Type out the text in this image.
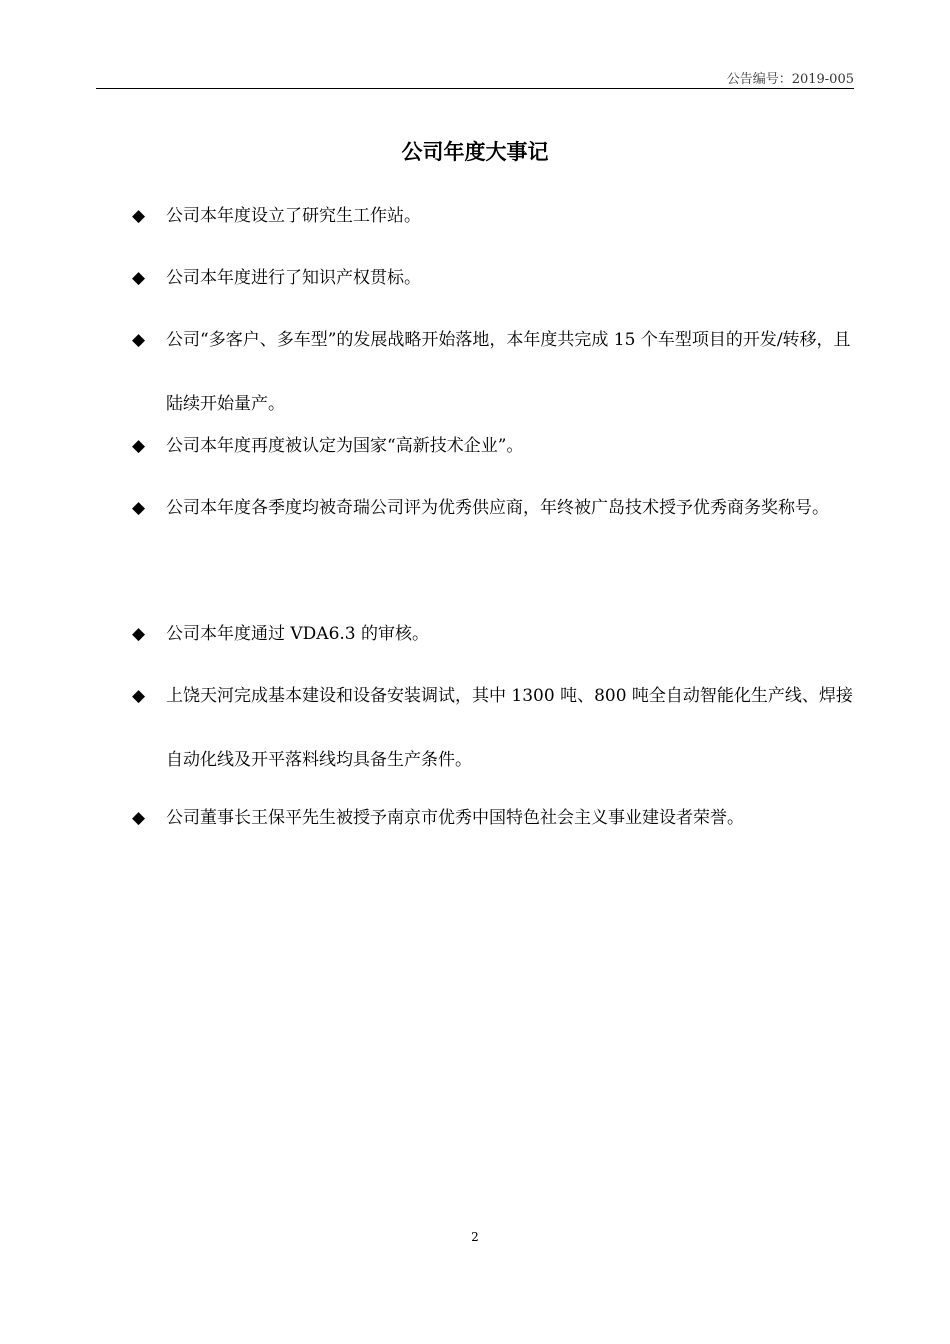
公告编号：2019-005
公司年度大事记
◆	公司本年度设立了研究生工作站。
◆	公司本年度进行了知识产权贯标。
◆	公司“多客户、多车型”的发展战略开始落地，本年度共完成 15 个车型项目的开发/转移，且陆续开始量产。
◆	公司本年度再度被认定为国家“高新技术企业”。
◆	公司本年度各季度均被奇瑞公司评为优秀供应商，年终被广岛技术授予优秀商务奖称号。
◆	公司本年度通过 VDA6.3 的审核。
◆	上饶天河完成基本建设和设备安装调试，其中 1300 吨、800 吨全自动智能化生产线、焊接自动化线及开平落料线均具备生产条件。
◆	公司董事长王保平先生被授予南京市优秀中国特色社会主义事业建设者荣誉。
2
